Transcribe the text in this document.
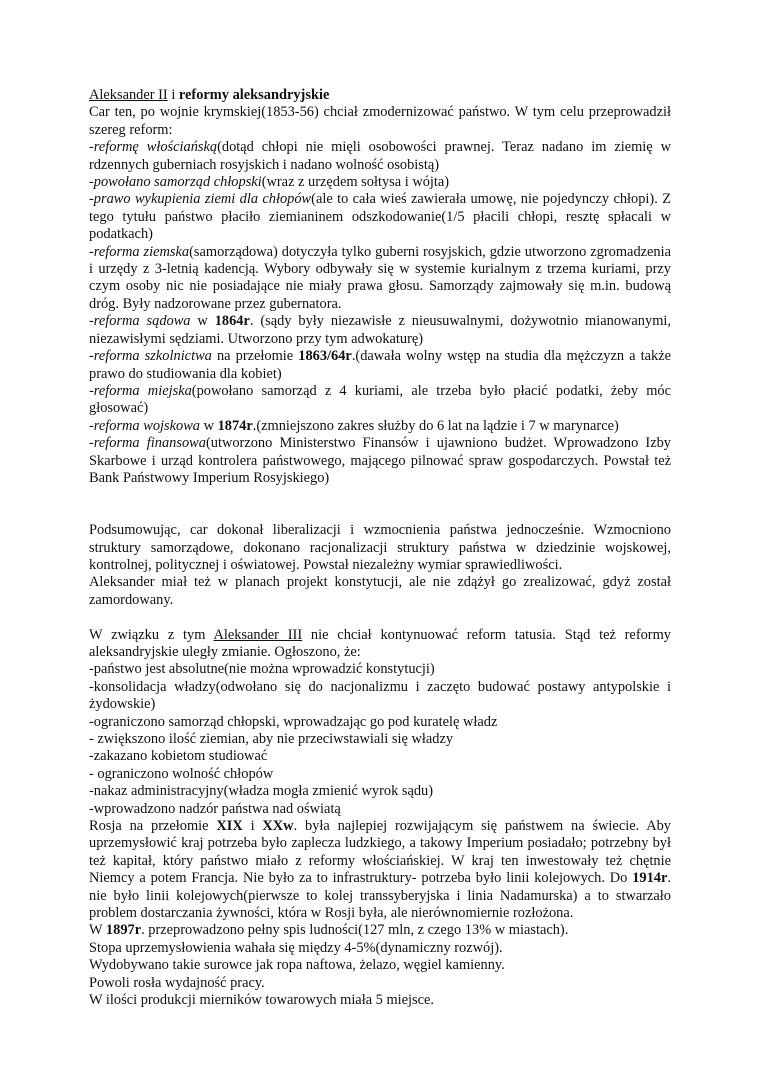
Aleksander II i reformy aleksandryjskie

Car ten, po wojnie krymskiej(1853-56) chciał zmodernizować państwo. W tym celu przeprowadził szereg reform:

-reformę włościańską(dotąd chłopi nie mięli osobowości prawnej. Teraz nadano im ziemię w rdzennych guberniach rosyjskich i nadano wolność osobistą)

-powołano samorząd chłopski(wraz z urzędem sołtysa i wójta)

-prawo wykupienia ziemi dla chłopów(ale to cała wieś zawierała umowę, nie pojedynczy chłopi). Z tego tytułu państwo płaciło ziemianinem odszkodowanie(1/5 płacili chłopi, resztę spłacali w podatkach)

-reforma ziemska(samorządowa) dotyczyła tylko guberni rosyjskich, gdzie utworzono zgromadzenia i urzędy z 3-letnią kadencją. Wybory odbywały się w systemie kurialnym z trzema kuriami, przy czym osoby nic nie posiadające nie miały prawa głosu. Samorządy zajmowały się m.in. budową dróg. Były nadzorowane przez gubernatora.

-reforma sądowa w 1864r. (sądy były niezawisłe z nieusuwalnymi, dożywotnio mianowanymi, niezawisłymi sędziami. Utworzono przy tym adwokaturę)

-reforma szkolnictwa na przełomie 1863/64r.(dawała wolny wstęp na studia dla mężczyzn a także prawo do studiowania dla kobiet)

-reforma miejska(powołano samorząd z 4 kuriami, ale trzeba było płacić podatki, żeby móc głosować)

-reforma wojskowa w 1874r.(zmniejszono zakres służby do 6 lat na lądzie i 7 w marynarce)

-reforma finansowa(utworzono Ministerstwo Finansów i ujawniono budżet. Wprowadzono Izby Skarbowe i urząd kontrolera państwowego, mającego pilnować spraw gospodarczych. Powstał też Bank Państwowy Imperium Rosyjskiego)

Podsumowując, car dokonał liberalizacji i wzmocnienia państwa jednocześnie. Wzmocniono struktury samorządowe, dokonano racjonalizacji struktury państwa w dziedzinie wojskowej, kontrolnej, politycznej i oświatowej. Powstał niezależny wymiar sprawiedliwości.

Aleksander miał też w planach projekt konstytucji, ale nie zdążył go zrealizować, gdyż został zamordowany.

W związku z tym Aleksander III nie chciał kontynuować reform tatusia. Stąd też reformy aleksandryjskie uległy zmianie. Ogłoszono, że:

-państwo jest absolutne(nie można wprowadzić konstytucji)

-konsolidacja władzy(odwołano się do nacjonalizmu i zaczęto budować postawy antypolskie i żydowskie)

-ograniczono samorząd chłopski, wprowadzając go pod kuratelę władz

- zwiększono ilość ziemian, aby nie przeciwstawiali się władzy

-zakazano kobietom studiować

- ograniczono wolność chłopów

-nakaz administracyjny(władza mogła zmienić wyrok sądu)

-wprowadzono nadzór państwa nad oświatą

Rosja na przełomie XIX i XXw. była najlepiej rozwijającym się państwem na świecie. Aby uprzemysłowić kraj potrzeba było zaplecza ludzkiego, a takowy Imperium posiadało; potrzebny był też kapitał, który państwo miało z reformy włościańskiej. W kraj ten inwestowały też chętnie Niemcy a potem Francja. Nie było za to infrastruktury- potrzeba było linii kolejowych. Do 1914r. nie było linii kolejowych(pierwsze to kolej transsyberyjska i linia Nadamurska) a to stwarzało problem dostarczania żywności, która w Rosji była, ale nierównomiernie rozłożona.

W 1897r. przeprowadzono pełny spis ludności(127 mln, z czego 13% w miastach).

Stopa uprzemysłowienia wahała się między 4-5%(dynamiczny rozwój).

Wydobywano takie surowce jak ropa naftowa, żelazo, węgiel kamienny.

Powoli rosła wydajność pracy.

W ilości produkcji mierników towarowych miała 5 miejsce.
